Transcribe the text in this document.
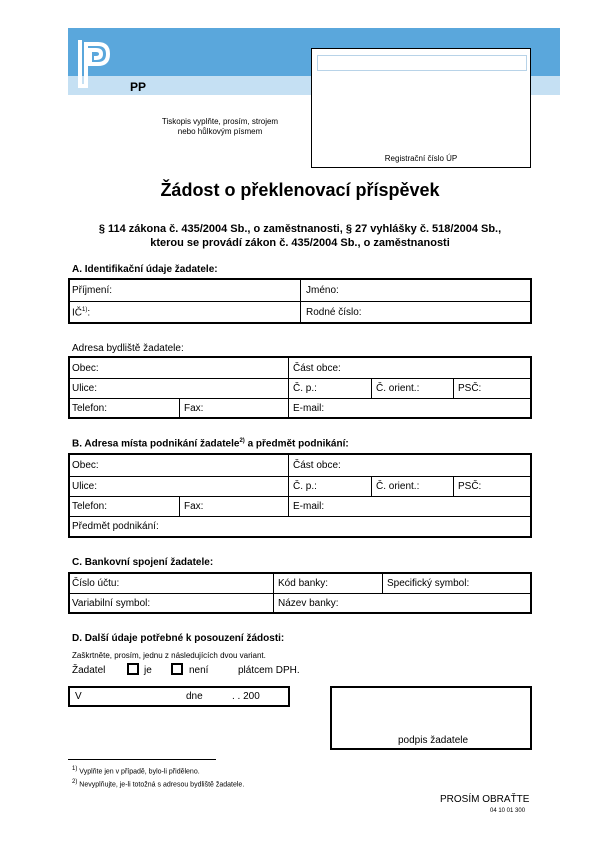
PP
Registrační číslo ÚP
Tiskopis vyplňte, prosím, strojem
nebo hůlkovým písmem
Žádost o překlenovací příspěvek
§ 114 zákona č. 435/2004 Sb., o zaměstnanosti, § 27 vyhlášky č. 518/2004 Sb.,
kterou se provádí zákon č. 435/2004 Sb., o zaměstnanosti
A. Identifikační údaje žadatele:
Příjmení:	Jméno:
IČ$^{1)}$:	Rodné číslo:
Adresa bydliště žadatele:
Obec:	Část obce:
Ulice:	Č. p.:	Č. orient.:	PSČ:
Telefon:	Fax:	E-mail:
B. Adresa místa podnikání žadatele$^{2)}$ a předmět podnikání:
Obec:	Část obce:
Ulice:	Č. p.:	Č. orient.:	PSČ:
Telefon:	Fax:	E-mail:
Předmět podnikání:
C. Bankovní spojení žadatele:
Číslo účtu:	Kód banky:	Specifický symbol:
Variabilní symbol:	Název banky:
D. Další údaje potřebné k posouzení žádosti:
Zaškrtněte, prosím, jednu z následujících dvou variant.
Žadatel	je	není	plátcem DPH.
V	dne	. . 200
podpis žadatele
$^{1)}$ Vyplňte jen v případě, bylo-li přiděleno.
$^{2)}$ Nevyplňujte, je-li totožná s adresou bydliště žadatele.
PROSÍM OBRAŤTE
04 10 01 300
